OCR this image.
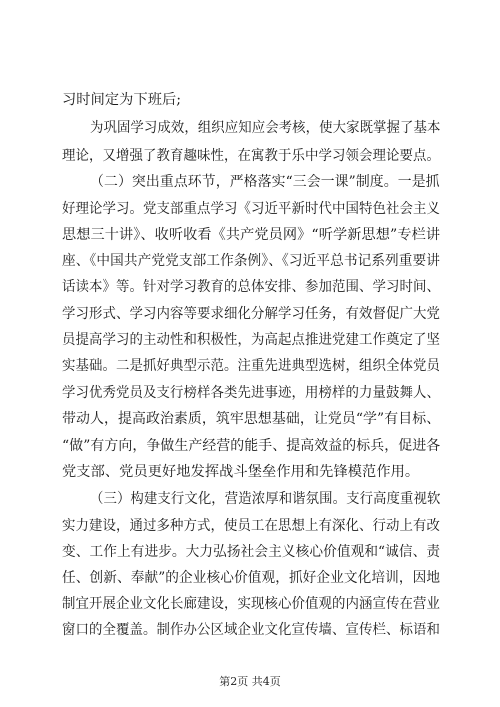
习时间定为下班后;
为巩固学习成效，组织应知应会考核，使大家既掌握了基本
理论，又增强了教育趣味性，在寓教于乐中学习领会理论要点。
（二）突出重点环节，严格落实“三会一课”制度。一是抓
好理论学习。党支部重点学习《习近平新时代中国特色社会主义
思想三十讲》、收听收看《共产党员网》“听学新思想”专栏讲
座、《中国共产党党支部工作条例》、《习近平总书记系列重要讲
话读本》等。针对学习教育的总体安排、参加范围、学习时间、
学习形式、学习内容等要求细化分解学习任务，有效督促广大党
员提高学习的主动性和积极性，为高起点推进党建工作奠定了坚
实基础。二是抓好典型示范。注重先进典型选树，组织全体党员
学习优秀党员及支行榜样各类先进事迹，用榜样的力量鼓舞人、
带动人，提高政治素质，筑牢思想基础，让党员“学”有目标、
“做”有方向，争做生产经营的能手、提高效益的标兵，促进各
党支部、党员更好地发挥战斗堡垒作用和先锋模范作用。
（三）构建支行文化，营造浓厚和谐氛围。支行高度重视软
实力建设，通过多种方式，使员工在思想上有深化、行动上有改
变、工作上有进步。大力弘扬社会主义核心价值观和“诚信、责
任、创新、奉献”的企业核心价值观，抓好企业文化培训，因地
制宜开展企业文化长廊建设，实现核心价值观的内涵宣传在营业
窗口的全覆盖。制作办公区域企业文化宣传墙、宣传栏、标语和
第2页 共4页
